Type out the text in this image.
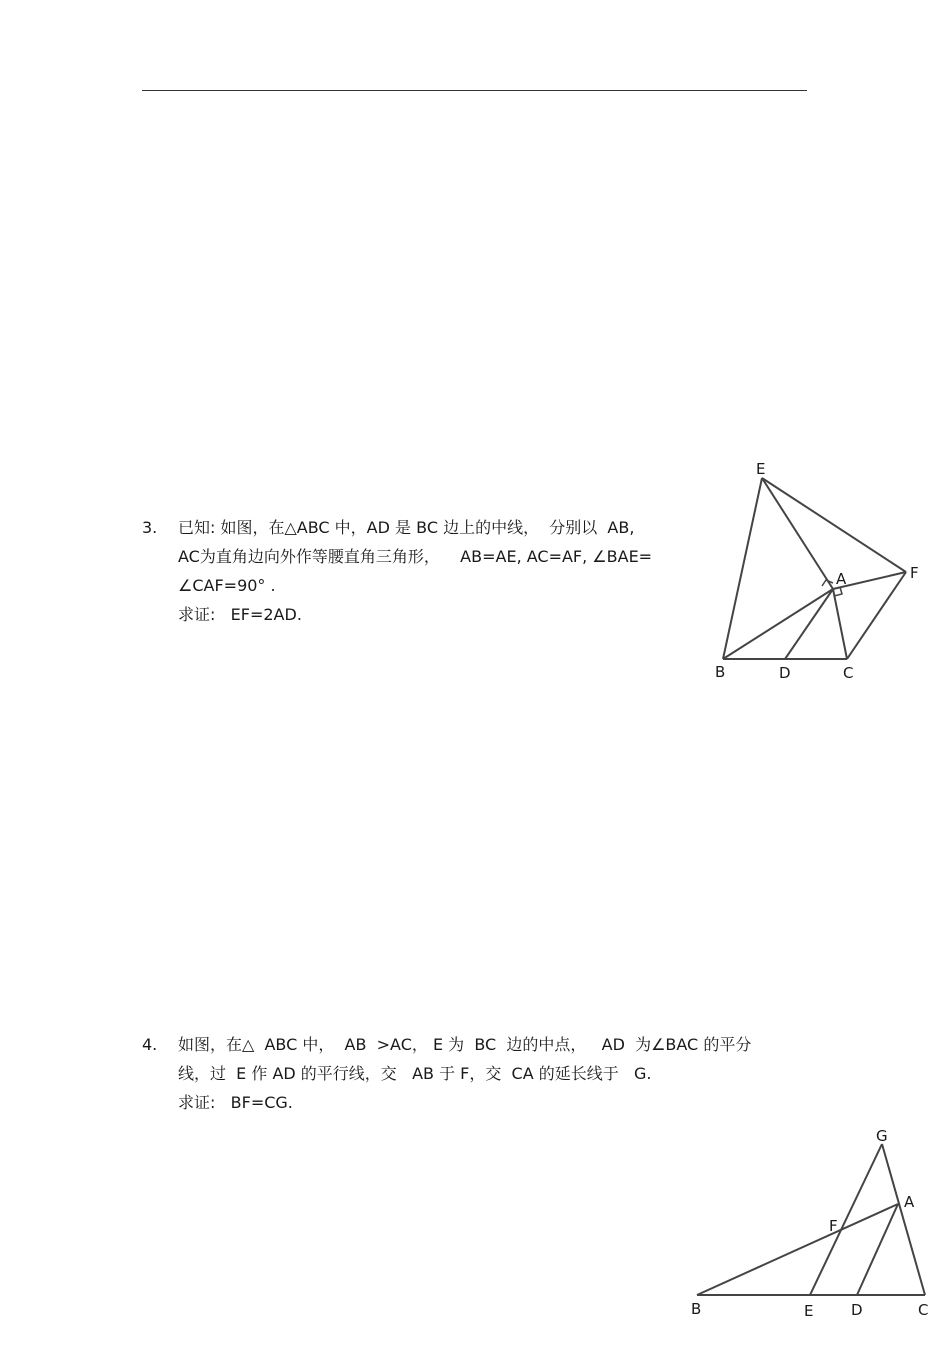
3. 已知: 如图，在△ABC 中，AD 是 BC 边上的中线，  分别以  AB,
AC为直角边向外作等腰直角三角形，    AB=AE, AC=AF, ∠BAE=
∠CAF=90° .
求证:   EF=2AD.
4. 如图，在△  ABC 中，  AB  >AC， E 为  BC  边的中点，   AD  为∠BAC 的平分
线，过  E 作 AD 的平行线，交   AB 于 F，交  CA 的延长线于   G.
求证:   BF=CG.
E
A	F
B	D	C
G
A
F
B	E	D	C
